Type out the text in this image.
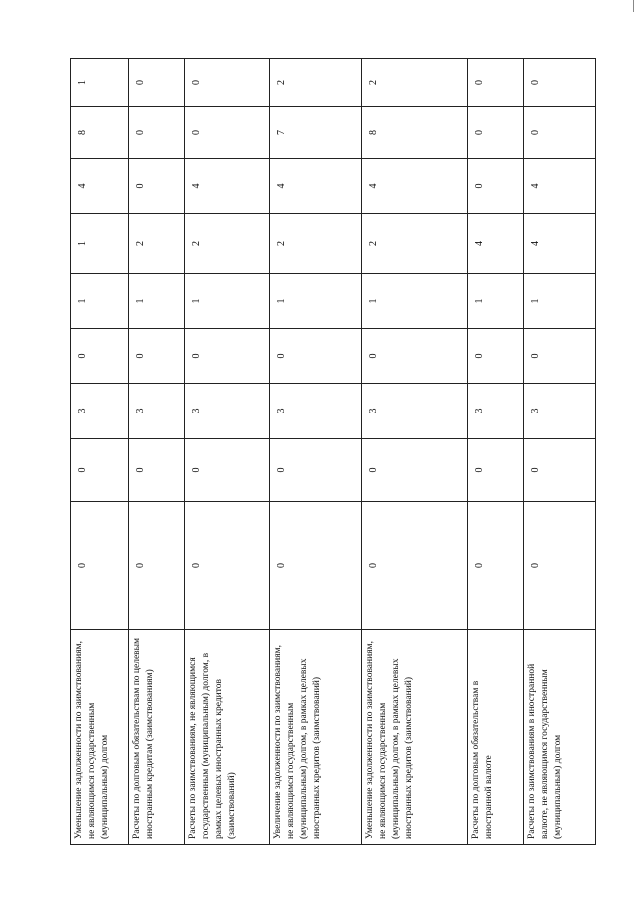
Уменьшение задолженности по заимствованиям, не являющимся государственным (муниципальным) долгом	0	0	3	0	1	1	4	8	1	
Расчеты по долговым обязательствам по целевым иностранным кредитам (заимствованиям)	0	0	3	0	1	2	0	0	0	
Расчеты по заимствованиям, не являющимся государственным (муниципальным) долгом, в рамках целевых иностранных кредитов (заимствований)	0	0	3	0	1	2	4	0	0	
Увеличение задолженности по заимствованиям, не являющимся государственным (муниципальным) долгом, в рамках целевых иностранных кредитов (заимствований)	0	0	3	0	1	2	4	7	2	
Уменьшение задолженности по заимствованиям, не являющимся государственным (муниципальным) долгом, в рамках целевых иностранных кредитов (заимствований)	0	0	3	0	1	2	4	8	2	
Расчеты по долговым обязательствам в иностранной валюте	0	0	3	0	1	4	0	0	0	
Расчеты по заимствованиям в иностранной валюте, не являющимся государственным (муниципальным) долгом	0	0	3	0	1	4	4	0	0	
